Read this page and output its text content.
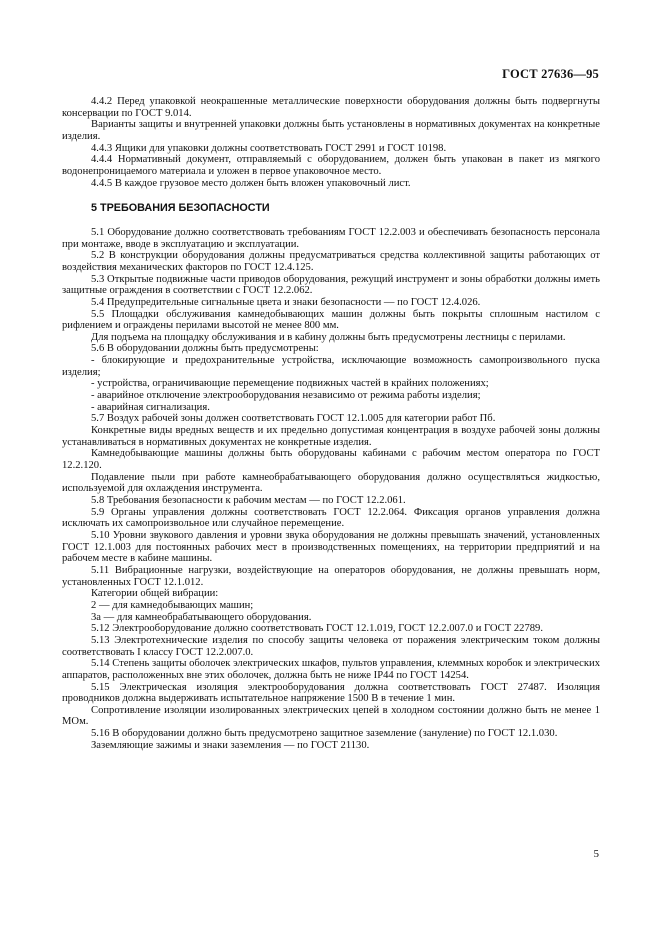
ГОСТ 27636—95

4.4.2 Перед упаковкой неокрашенные металлические поверхности оборудования должны быть подвергнуты консервации по ГОСТ 9.014.

Варианты защиты и внутренней упаковки должны быть установлены в нормативных документах на конкретные изделия.

4.4.3 Ящики для упаковки должны соответствовать ГОСТ 2991 и ГОСТ 10198.

4.4.4 Нормативный документ, отправляемый с оборудованием, должен быть упакован в пакет из мягкого водонепроницаемого материала и уложен в первое упаковочное место.

4.4.5 В каждое грузовое место должен быть вложен упаковочный лист.

5 ТРЕБОВАНИЯ БЕЗОПАСНОСТИ

5.1 Оборудование должно соответствовать требованиям ГОСТ 12.2.003 и обеспечивать безопасность персонала при монтаже, вводе в эксплуатацию и эксплуатации.

5.2 В конструкции оборудования должны предусматриваться средства коллективной защиты работающих от воздействия механических факторов по ГОСТ 12.4.125.

5.3 Открытые подвижные части приводов оборудования, режущий инструмент и зоны обработки должны иметь защитные ограждения в соответствии с ГОСТ 12.2.062.

5.4 Предупредительные сигнальные цвета и знаки безопасности — по ГОСТ 12.4.026.

5.5 Площадки обслуживания камнедобывающих машин должны быть покрыты сплошным настилом с рифлением и ограждены перилами высотой не менее 800 мм.

Для подъема на площадку обслуживания и в кабину должны быть предусмотрены лестницы с перилами.

5.6 В оборудовании должны быть предусмотрены:

- блокирующие и предохранительные устройства, исключающие возможность самопроизвольного пуска изделия;

- устройства, ограничивающие перемещение подвижных частей в крайних положениях;

- аварийное отключение электрооборудования независимо от режима работы изделия;

- аварийная сигнализация.

5.7 Воздух рабочей зоны должен соответствовать ГОСТ 12.1.005 для категории работ Пб.

Конкретные виды вредных веществ и их предельно допустимая концентрация в воздухе рабочей зоны должны устанавливаться в нормативных документах не конкретные изделия.

Камнедобывающие машины должны быть оборудованы кабинами с рабочим местом оператора по ГОСТ 12.2.120.

Подавление пыли при работе камнеобрабатывающего оборудования должно осуществляться жидкостью, используемой для охлаждения инструмента.

5.8 Требования безопасности к рабочим местам — по ГОСТ 12.2.061.

5.9 Органы управления должны соответствовать ГОСТ 12.2.064. Фиксация органов управления должна исключать их самопроизвольное или случайное перемещение.

5.10 Уровни звукового давления и уровни звука оборудования не должны превышать значений, установленных ГОСТ 12.1.003 для постоянных рабочих мест в производственных помещениях, на территории предприятий и на рабочем месте в кабине машины.

5.11 Вибрационные нагрузки, воздействующие на операторов оборудования, не должны превышать норм, установленных ГОСТ 12.1.012.

Категории общей вибрации:

2 — для камнедобывающих машин;

3а — для камнеобрабатывающего оборудования.

5.12 Электрооборудование должно соответствовать ГОСТ 12.1.019, ГОСТ 12.2.007.0 и ГОСТ 22789.

5.13 Электротехнические изделия по способу защиты человека от поражения электрическим током должны соответствовать I классу ГОСТ 12.2.007.0.

5.14 Степень защиты оболочек электрических шкафов, пультов управления, клеммных коробок и электрических аппаратов, расположенных вне этих оболочек, должна быть не ниже IP44 по ГОСТ 14254.

5.15 Электрическая изоляция электрооборудования должна соответствовать ГОСТ 27487. Изоляция проводников должна выдерживать испытательное напряжение 1500 В в течение 1 мин.

Сопротивление изоляции изолированных электрических цепей в холодном состоянии должно быть не менее 1 МОм.

5.16 В оборудовании должно быть предусмотрено защитное заземление (зануление) по ГОСТ 12.1.030.

Заземляющие зажимы и знаки заземления — по ГОСТ 21130.

5
